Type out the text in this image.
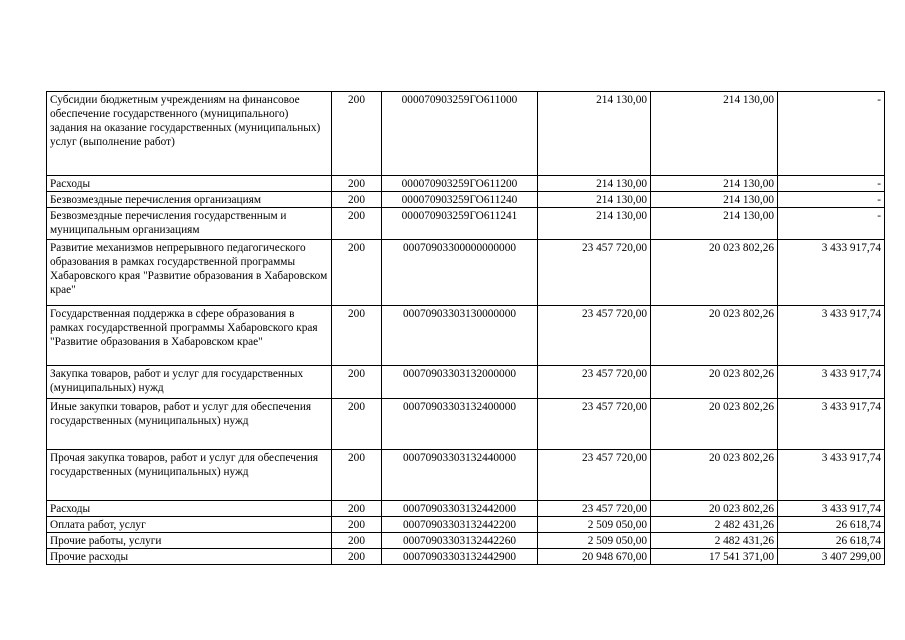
Субсидии бюджетным учреждениям на финансовое обеспечение государственного (муниципального) задания на оказание государственных (муниципальных) услуг (выполнение работ)	200	000070903259ГО611000	214 130,00	214 130,00	-
Расходы	200	000070903259ГО611200	214 130,00	214 130,00	-
Безвозмездные перечисления организациям	200	000070903259ГО611240	214 130,00	214 130,00	-
Безвозмездные перечисления государственным и муниципальным организациям	200	000070903259ГО611241	214 130,00	214 130,00	-
Развитие механизмов непрерывного педагогического образования в рамках государственной программы Хабаровского края "Развитие образования в Хабаровском крае"	200	00070903300000000000	23 457 720,00	20 023 802,26	3 433 917,74
Государственная поддержка в сфере образования в рамках государственной программы Хабаровского края "Развитие образования в Хабаровском крае"	200	00070903303130000000	23 457 720,00	20 023 802,26	3 433 917,74
Закупка товаров, работ и услуг для государственных (муниципальных) нужд	200	00070903303132000000	23 457 720,00	20 023 802,26	3 433 917,74
Иные закупки товаров, работ и услуг для обеспечения государственных (муниципальных) нужд	200	00070903303132400000	23 457 720,00	20 023 802,26	3 433 917,74
Прочая закупка товаров, работ и услуг для обеспечения государственных (муниципальных) нужд	200	00070903303132440000	23 457 720,00	20 023 802,26	3 433 917,74
Расходы	200	00070903303132442000	23 457 720,00	20 023 802,26	3 433 917,74
Оплата работ, услуг	200	00070903303132442200	2 509 050,00	2 482 431,26	26 618,74
Прочие работы, услуги	200	00070903303132442260	2 509 050,00	2 482 431,26	26 618,74
Прочие расходы	200	00070903303132442900	20 948 670,00	17 541 371,00	3 407 299,00
